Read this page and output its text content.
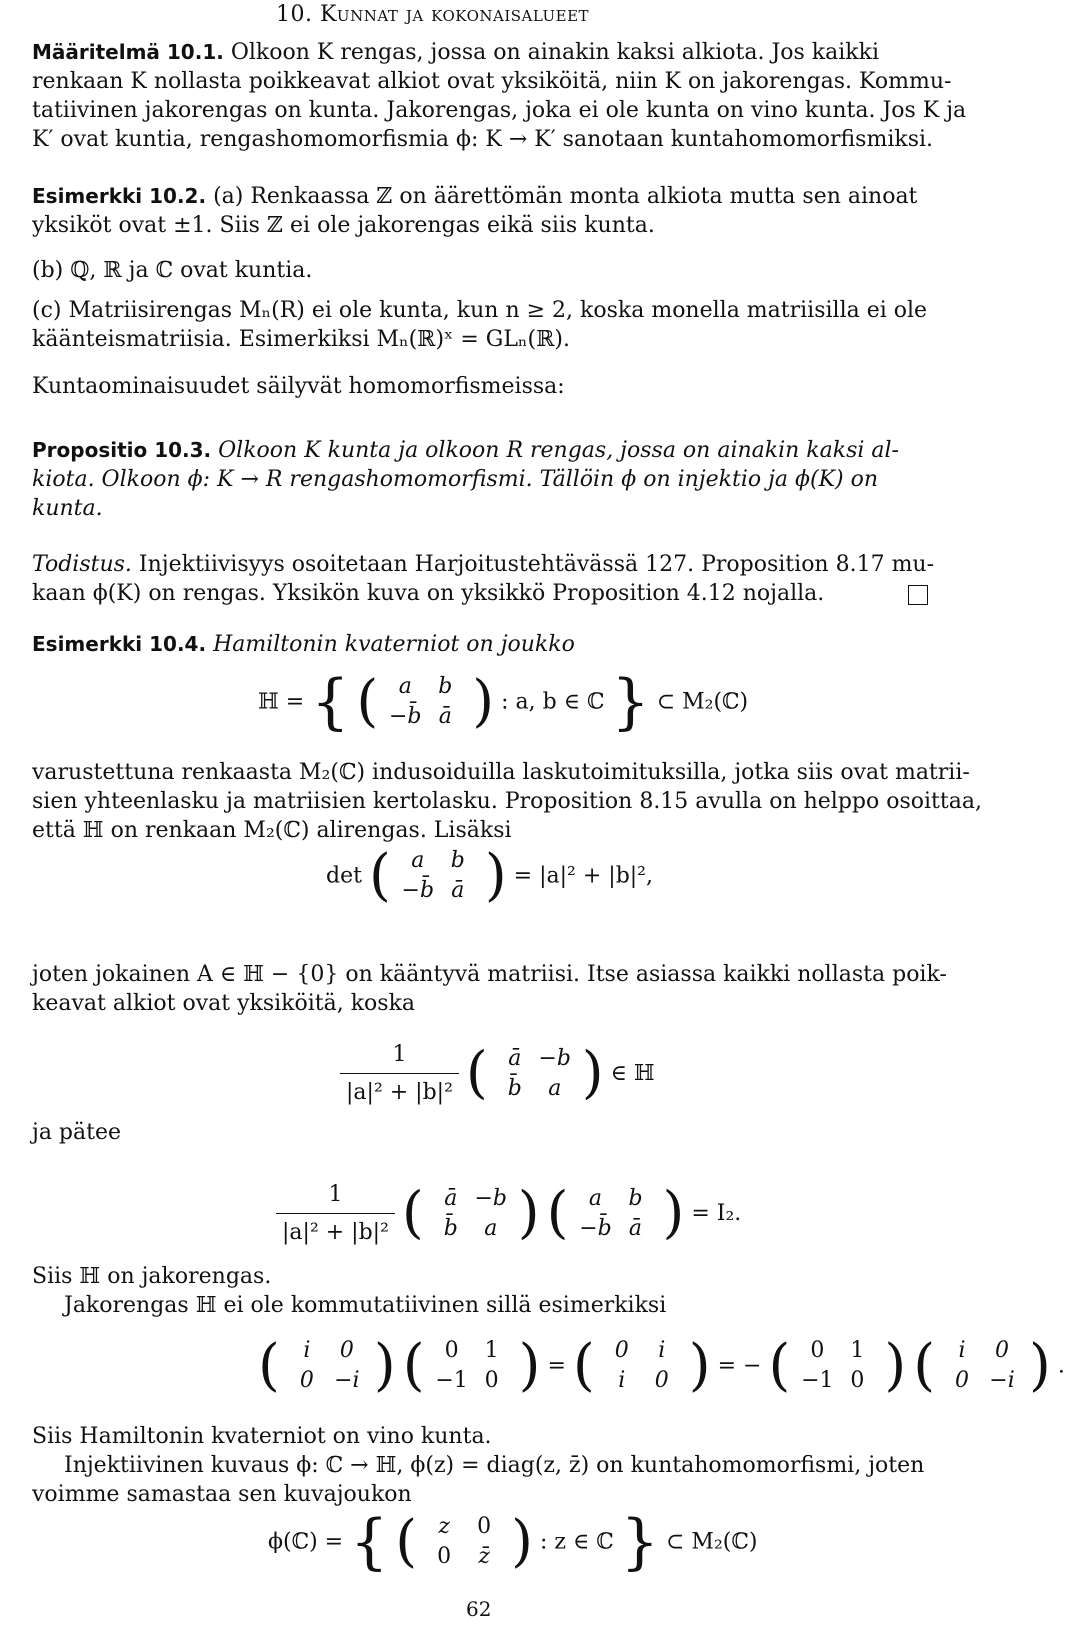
10. Kunnat ja kokonaisalueet
Määritelmä 10.1. Olkoon K rengas, jossa on ainakin kaksi alkiota. Jos kaikki
renkaan K nollasta poikkeavat alkiot ovat yksiköitä, niin K on jakorengas. Kommu-
tatiivinen jakorengas on kunta. Jakorengas, joka ei ole kunta on vino kunta. Jos K ja
K′ ovat kuntia, rengashomomorfismia ϕ: K → K′ sanotaan kuntahomomorfismiksi.
Esimerkki 10.2. (a) Renkaassa ℤ on äärettömän monta alkiota mutta sen ainoat
yksiköt ovat ±1. Siis ℤ ei ole jakorengas eikä siis kunta.
(b) ℚ, ℝ ja ℂ ovat kuntia.
(c) Matriisirengas Mₙ(R) ei ole kunta, kun n ≥ 2, koska monella matriisilla ei ole
käänteismatriisia. Esimerkiksi Mₙ(ℝ)ˣ = GLₙ(ℝ).
Kuntaominaisuudet säilyvät homomorfismeissa:
Propositio 10.3. Olkoon K kunta ja olkoon R rengas, jossa on ainakin kaksi al-
kiota. Olkoon ϕ: K → R rengashomomorfismi. Tällöin ϕ on injektio ja ϕ(K) on
kunta.
Todistus. Injektiivisyys osoitetaan Harjoitustehtävässä 127. Proposition 8.17 mu-
kaan ϕ(K) on rengas. Yksikön kuva on yksikkö Proposition 4.12 nojalla.
Esimerkki 10.4. Hamiltonin kvaterniot on joukko
ℍ = { ( a b
−b̄ ā ) : a, b ∈ ℂ } ⊂ M₂(ℂ)
varustettuna renkaasta M₂(ℂ) indusoiduilla laskutoimituksilla, jotka siis ovat matrii-
sien yhteenlasku ja matriisien kertolasku. Proposition 8.15 avulla on helppo osoittaa,
että ℍ on renkaan M₂(ℂ) alirengas. Lisäksi
det ( a b
−b̄ ā ) = |a|² + |b|²,
joten jokainen A ∈ ℍ − {0} on kääntyvä matriisi. Itse asiassa kaikki nollasta poik-
keavat alkiot ovat yksiköitä, koska
$\frac{1}{\text{|a|² + |b|²}}$ ( ā −b
b̄ a ) ∈ ℍ
ja pätee
$\frac{1}{\text{|a|² + |b|²}}$ ( ā −b
b̄ a ) ( a b
−b̄ ā ) = I₂.
Siis ℍ on jakorengas.
Jakorengas ℍ ei ole kommutatiivinen sillä esimerkiksi
(	i 0
0 −i ) ( 0 1
−1 0 ) = ( 0 i
i 0 ) = − ( 0 1
−1 0 ) (	i 0
0 −i ) .
Siis Hamiltonin kvaterniot on vino kunta.
Injektiivinen kuvaus ϕ: ℂ → ℍ, ϕ(z) = diag(z, z̄) on kuntahomomorfismi, joten
voimme samastaa sen kuvajoukon
ϕ(ℂ) = { ( z 0
0 z̄ ) : z ∈ ℂ } ⊂ M₂(ℂ)
62
